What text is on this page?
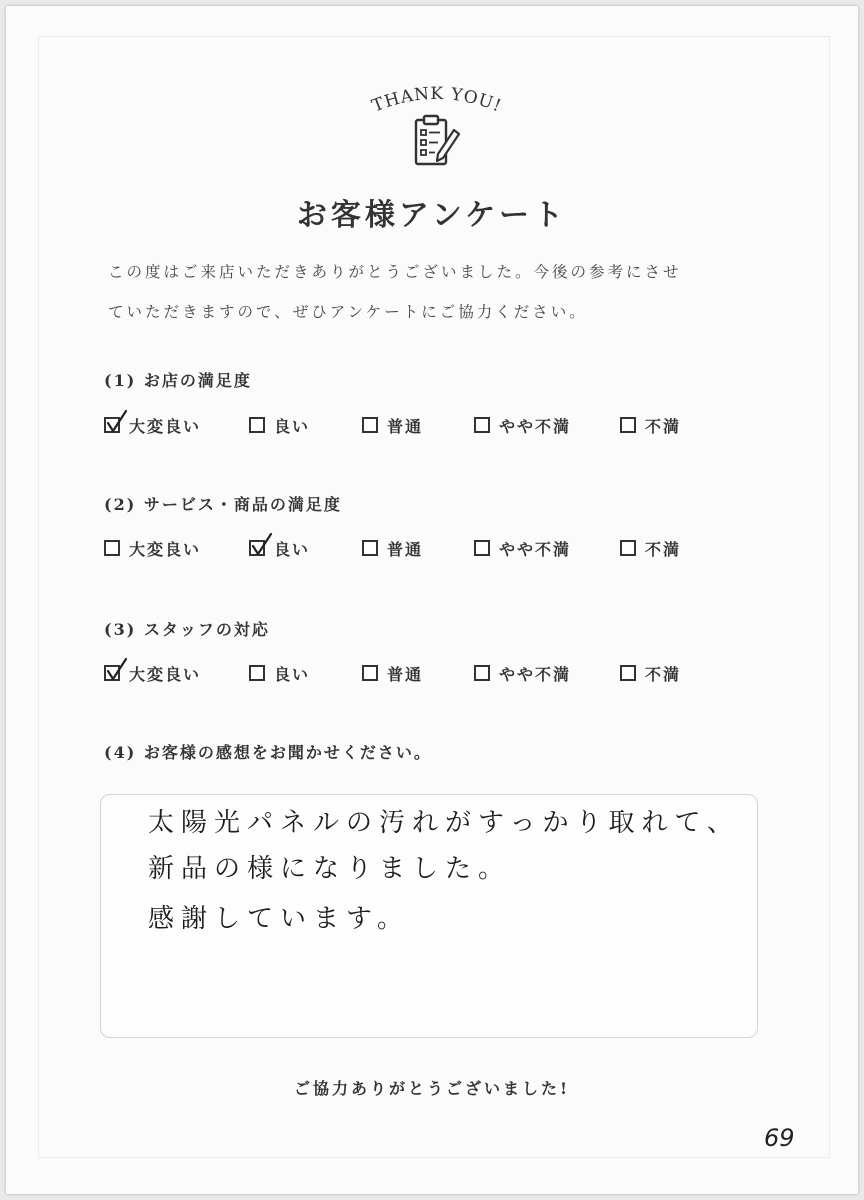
THANK YOU!
お客様アンケート
この度はご来店いただきありがとうございました。今後の参考にさせ
ていただきますので、ぜひアンケートにご協力ください。
(1) お店の満足度
大変良い	良い	普通	やや不満	不満
(2) サービス・商品の満足度
大変良い	良い	普通	やや不満	不満
(3) スタッフの対応
大変良い	良い	普通	やや不満	不満
(4) お客様の感想をお聞かせください。
太陽光パネルの汚れがすっかり取れて、
新品の様になりました。
感謝しています。
ご協力ありがとうございました!
69
